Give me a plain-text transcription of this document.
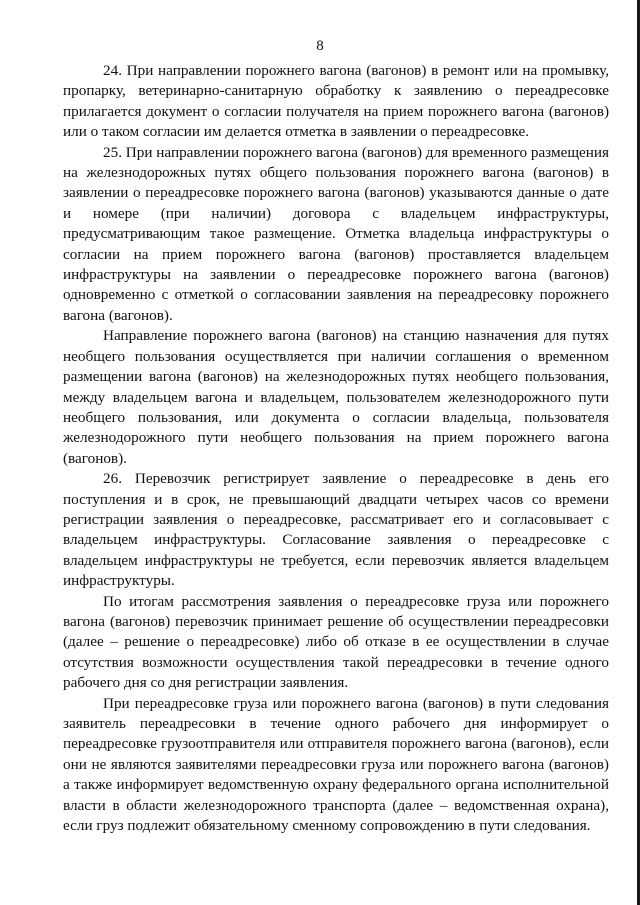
8

24. При направлении порожнего вагона (вагонов) в ремонт или на промывку, пропарку, ветеринарно-санитарную обработку к заявлению о переадресовке прилагается документ о согласии получателя на прием порожнего вагона (вагонов) или о таком согласии им делается отметка в заявлении о переадресовке.

25. При направлении порожнего вагона (вагонов) для временного размещения на железнодорожных путях общего пользования порожнего вагона (вагонов) в заявлении о переадресовке порожнего вагона (вагонов) указываются данные о дате и номере (при наличии) договора с владельцем инфраструктуры, предусматривающим такое размещение. Отметка владельца инфраструктуры о согласии на прием порожнего вагона (вагонов) проставляется владельцем инфраструктуры на заявлении о переадресовке порожнего вагона (вагонов) одновременно с отметкой о согласовании заявления на переадресовку порожнего вагона (вагонов).

Направление порожнего вагона (вагонов) на станцию назначения для путях необщего пользования осуществляется при наличии соглашения о временном размещении вагона (вагонов) на железнодорожных путях необщего пользования, между владельцем вагона и владельцем, пользователем железнодорожного пути необщего пользования, или документа о согласии владельца, пользователя железнодорожного пути необщего пользования на прием порожнего вагона (вагонов).

26. Перевозчик регистрирует заявление о переадресовке в день его поступления и в срок, не превышающий двадцати четырех часов со времени регистрации заявления о переадресовке, рассматривает его и согласовывает с владельцем инфраструктуры. Согласование заявления о переадресовке с владельцем инфраструктуры не требуется, если перевозчик является владельцем инфраструктуры.

По итогам рассмотрения заявления о переадресовке груза или порожнего вагона (вагонов) перевозчик принимает решение об осуществлении переадресовки (далее – решение о переадресовке) либо об отказе в ее осуществлении в случае отсутствия возможности осуществления такой переадресовки в течение одного рабочего дня со дня регистрации заявления.

При переадресовке груза или порожнего вагона (вагонов) в пути следования заявитель переадресовки в течение одного рабочего дня информирует о переадресовке грузоотправителя или отправителя порожнего вагона (вагонов), если они не являются заявителями переадресовки груза или порожнего вагона (вагонов) а также информирует ведомственную охрану федерального органа исполнительной власти в области железнодорожного транспорта (далее – ведомственная охрана), если груз подлежит обязательному сменному сопровождению в пути следования.
